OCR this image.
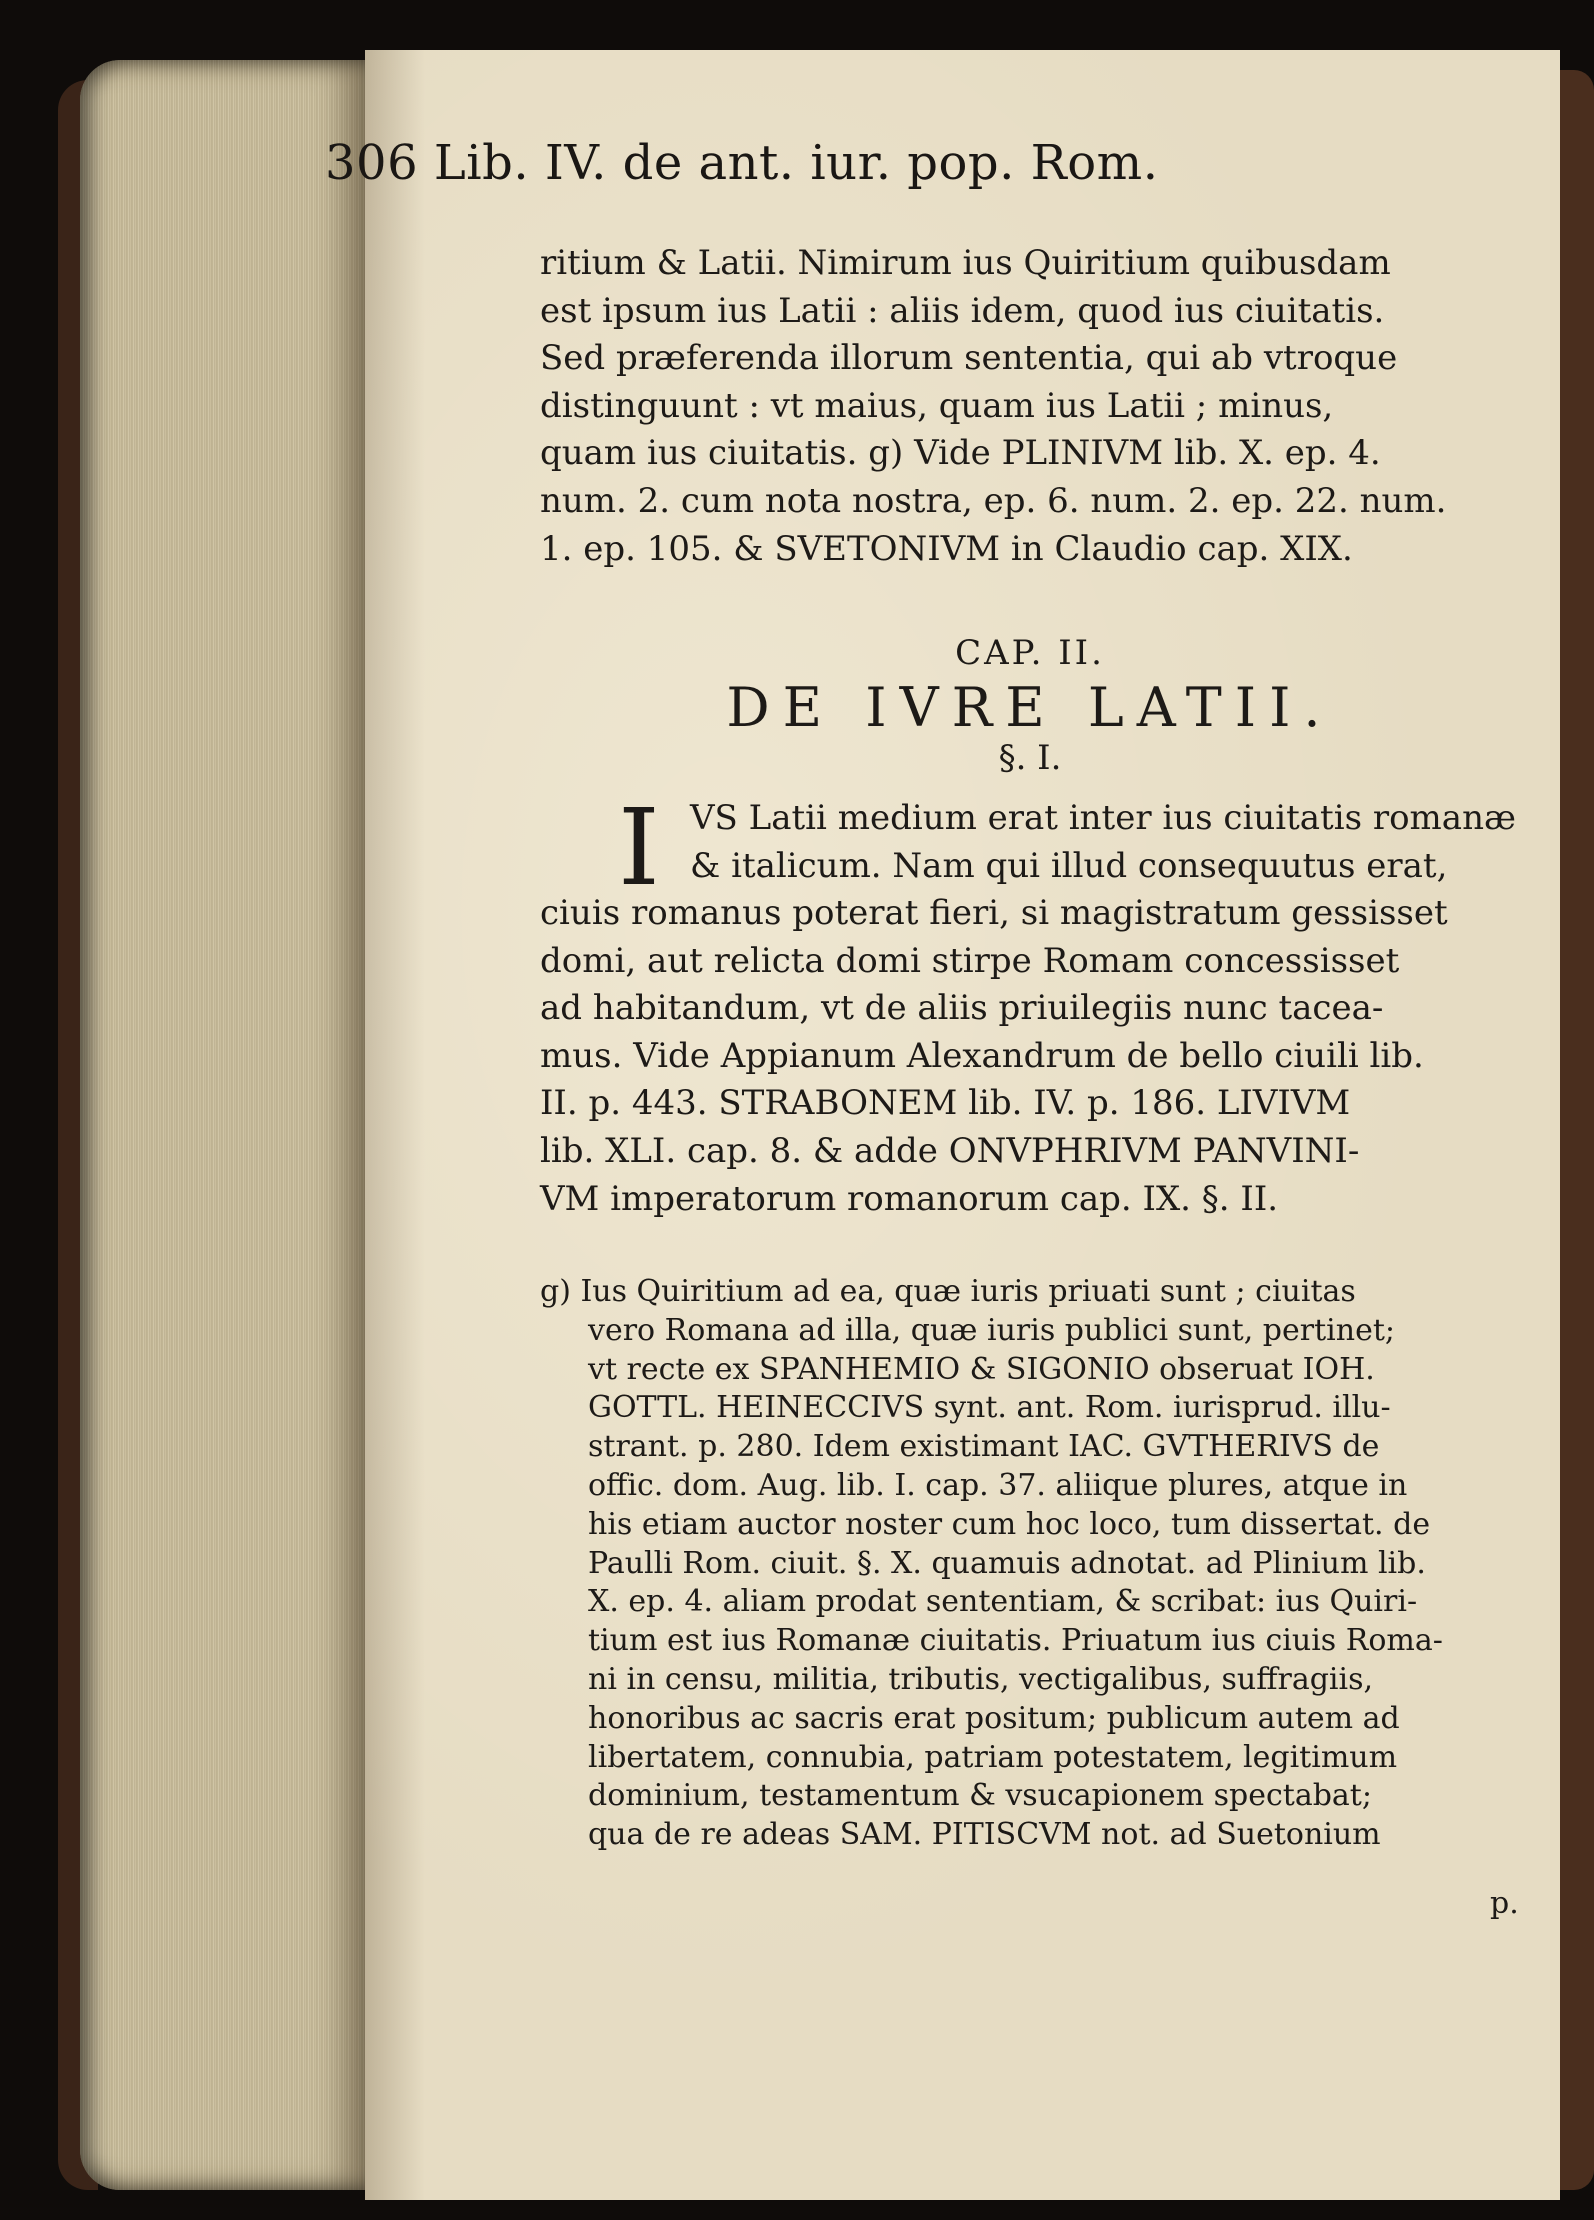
306 Lib. IV. de ant. iur. pop. Rom.
ritium & Latii. Nimirum ius Quiritium quibusdam
est ipsum ius Latii : aliis idem, quod ius ciuitatis.
Sed præferenda illorum sententia, qui ab vtroque
distinguunt : vt maius, quam ius Latii ; minus,
quam ius ciuitatis. g) Vide PLINIVM lib. X. ep. 4.
num. 2. cum nota nostra, ep. 6. num. 2. ep. 22. num.
1. ep. 105. & SVETONIVM in Claudio cap. XIX.
CAP. II.
DE IVRE LATII.
§. I.
I VS Latii medium erat inter ius ciuitatis romanæ
& italicum. Nam qui illud consequutus erat,
ciuis romanus poterat fieri, si magistratum gessisset
domi, aut relicta domi stirpe Romam concessisset
ad habitandum, vt de aliis priuilegiis nunc tacea-
mus. Vide Appianum Alexandrum de bello ciuili lib.
II. p. 443. STRABONEM lib. IV. p. 186. LIVIVM
lib. XLI. cap. 8. & adde ONVPHRIVM PANVINI-
VM imperatorum romanorum cap. IX. §. II.
g) Ius Quiritium ad ea, quæ iuris priuati sunt ; ciuitas
vero Romana ad illa, quæ iuris publici sunt, pertinet;
vt recte ex SPANHEMIO & SIGONIO obseruat IOH.
GOTTL. HEINECCIVS synt. ant. Rom. iurisprud. illu-
strant. p. 280. Idem existimant IAC. GVTHERIVS de
offic. dom. Aug. lib. I. cap. 37. aliique plures, atque in
his etiam auctor noster cum hoc loco, tum dissertat. de
Paulli Rom. ciuit. §. X. quamuis adnotat. ad Plinium lib.
X. ep. 4. aliam prodat sententiam, & scribat: ius Quiri-
tium est ius Romanæ ciuitatis. Priuatum ius ciuis Roma-
ni in censu, militia, tributis, vectigalibus, suffragiis,
honoribus ac sacris erat positum; publicum autem ad
libertatem, connubia, patriam potestatem, legitimum
dominium, testamentum & vsucapionem spectabat;
qua de re adeas SAM. PITISCVM not. ad Suetonium
p.
